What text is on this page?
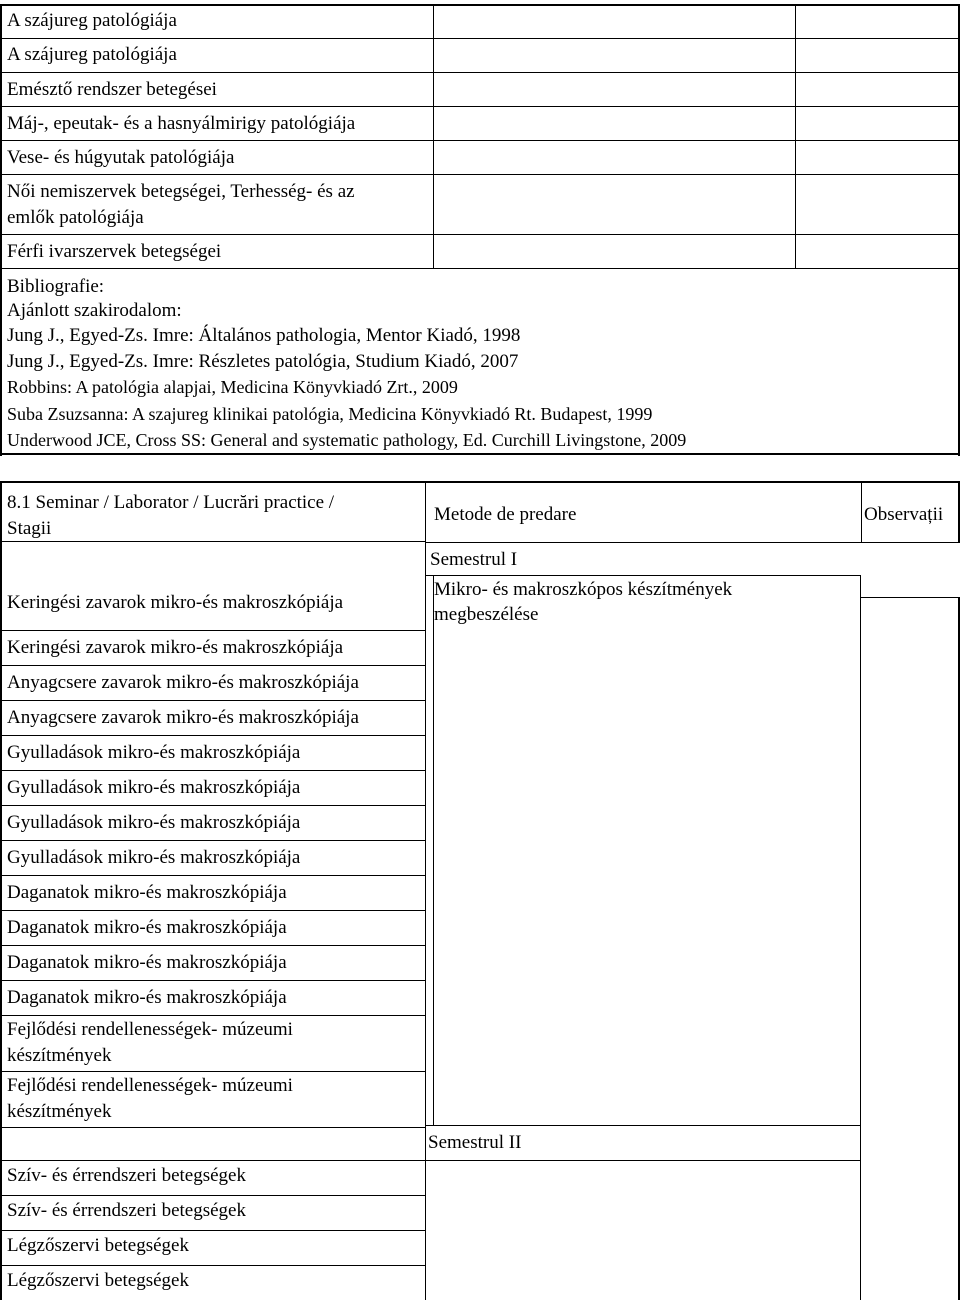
A szájureg patológiája
A szájureg patológiája
Emésztő rendszer betegései
Máj-, epeutak- és a hasnyálmirigy patológiája
Vese- és húgyutak patológiája
Női nemiszervek betegségei, Terhesség- és az
emlők patológiája
Férfi ivarszervek betegségei
Bibliografie:
Ajánlott szakirodalom:
Jung J., Egyed-Zs. Imre: Általános pathologia, Mentor Kiadó, 1998
Jung J., Egyed-Zs. Imre: Részletes patológia, Studium Kiadó, 2007
Robbins: A patológia alapjai, Medicina Könyvkiadó Zrt., 2009
Suba Zsuzsanna: A szajureg klinikai patológia, Medicina Könyvkiadó Rt. Budapest, 1999
Underwood JCE, Cross SS: General and systematic pathology, Ed. Curchill Livingstone, 2009
8.1 Seminar / Laborator / Lucrări practice /
Stagii
Metode de predare	Observații
Semestrul I
Mikro- és makroszkópos készítmények
megbeszélése
Semestrul II
Keringési zavarok mikro-és makroszkópiája
Keringési zavarok mikro-és makroszkópiája
Anyagcsere zavarok mikro-és makroszkópiája
Anyagcsere zavarok mikro-és makroszkópiája
Gyulladások mikro-és makroszkópiája
Gyulladások mikro-és makroszkópiája
Gyulladások mikro-és makroszkópiája
Gyulladások mikro-és makroszkópiája
Daganatok mikro-és makroszkópiája
Daganatok mikro-és makroszkópiája
Daganatok mikro-és makroszkópiája
Daganatok mikro-és makroszkópiája
Fejlődési rendellenességek- múzeumi
készítmények
Fejlődési rendellenességek- múzeumi
készítmények
Szív- és érrendszeri betegségek
Szív- és érrendszeri betegségek
Légzőszervi betegségek
Légzőszervi betegségek
